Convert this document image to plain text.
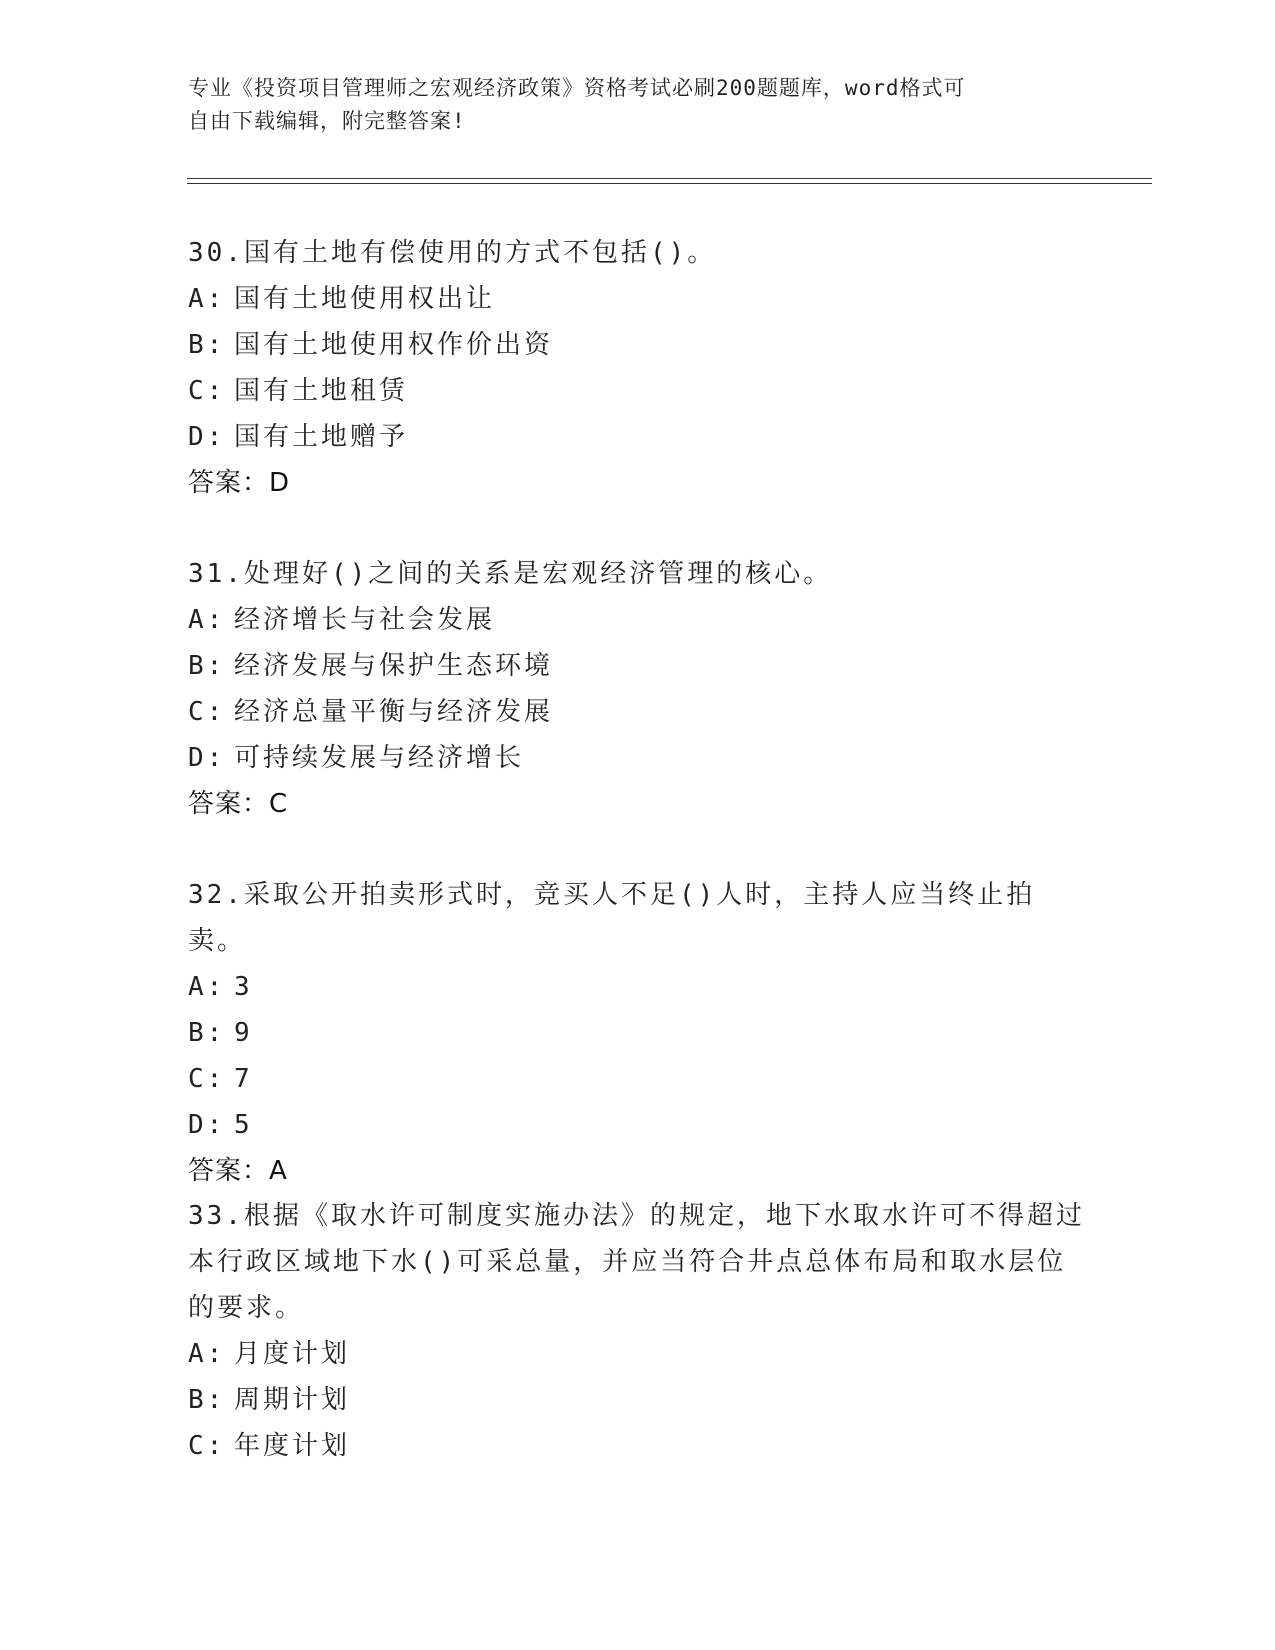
专业《投资项目管理师之宏观经济政策》资格考试必刷200题题库，word格式可
自由下载编辑，附完整答案!

30.国有土地有偿使用的方式不包括()。

A: 国有土地使用权出让

B: 国有土地使用权作价出资

C: 国有土地租赁

D: 国有土地赠予

答案：D

31.处理好()之间的关系是宏观经济管理的核心。

A: 经济增长与社会发展

B: 经济发展与保护生态环境

C: 经济总量平衡与经济发展

D: 可持续发展与经济增长

答案：C

32.采取公开拍卖形式时，竞买人不足()人时，主持人应当终止拍卖。

A: 3

B: 9

C: 7

D: 5

答案：A

33.根据《取水许可制度实施办法》的规定，地下水取水许可不得超过

本行政区域地下水()可采总量，并应当符合井点总体布局和取水层位

的要求。

A: 月度计划

B: 周期计划

C: 年度计划
